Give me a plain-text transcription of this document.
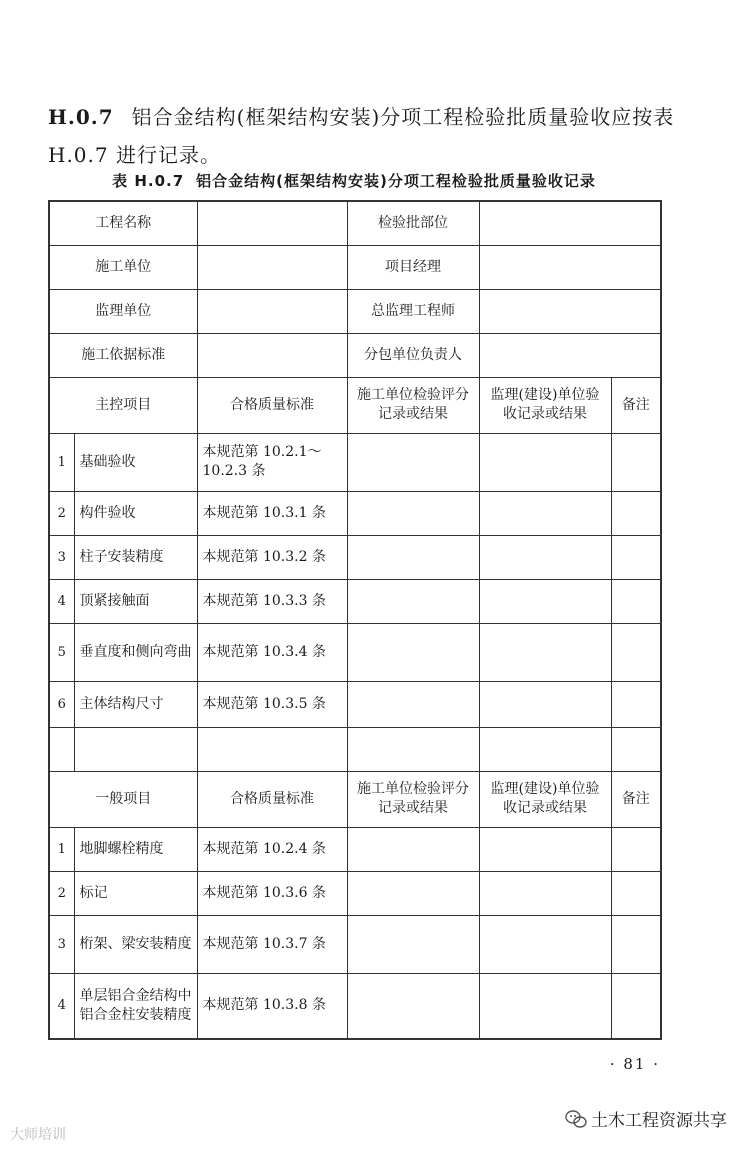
H.0.7 铝合金结构(框架结构安装)分项工程检验批质量验收应按表 H.0.7 进行记录。
表 H.0.7 铝合金结构(框架结构安装)分项工程检验批质量验收记录
工程名称			检验批部位		
施工单位			项目经理		
监理单位			总监理工程师		
施工依据标准			分包单位负责人		
主控项目		合格质量标准	施工单位检验评分记录或结果	监理(建设)单位验收记录或结果	备注
1	基础验收	本规范第 10.2.1～10.2.3 条			
2	构件验收	本规范第 10.3.1 条			
3	柱子安装精度	本规范第 10.3.2 条			
4	顶紧接触面	本规范第 10.3.3 条			
5	垂直度和侧向弯曲	本规范第 10.3.4 条			
6	主体结构尺寸	本规范第 10.3.5 条			

一般项目		合格质量标准	施工单位检验评分记录或结果	监理(建设)单位验收记录或结果	备注
1	地脚螺栓精度	本规范第 10.2.4 条			
2	标记	本规范第 10.3.6 条			
3	桁架、梁安装精度	本规范第 10.3.7 条			
4	单层铝合金结构中铝合金柱安装精度	本规范第 10.3.8 条			
· 81 ·
大师培训
土木工程资源共享
